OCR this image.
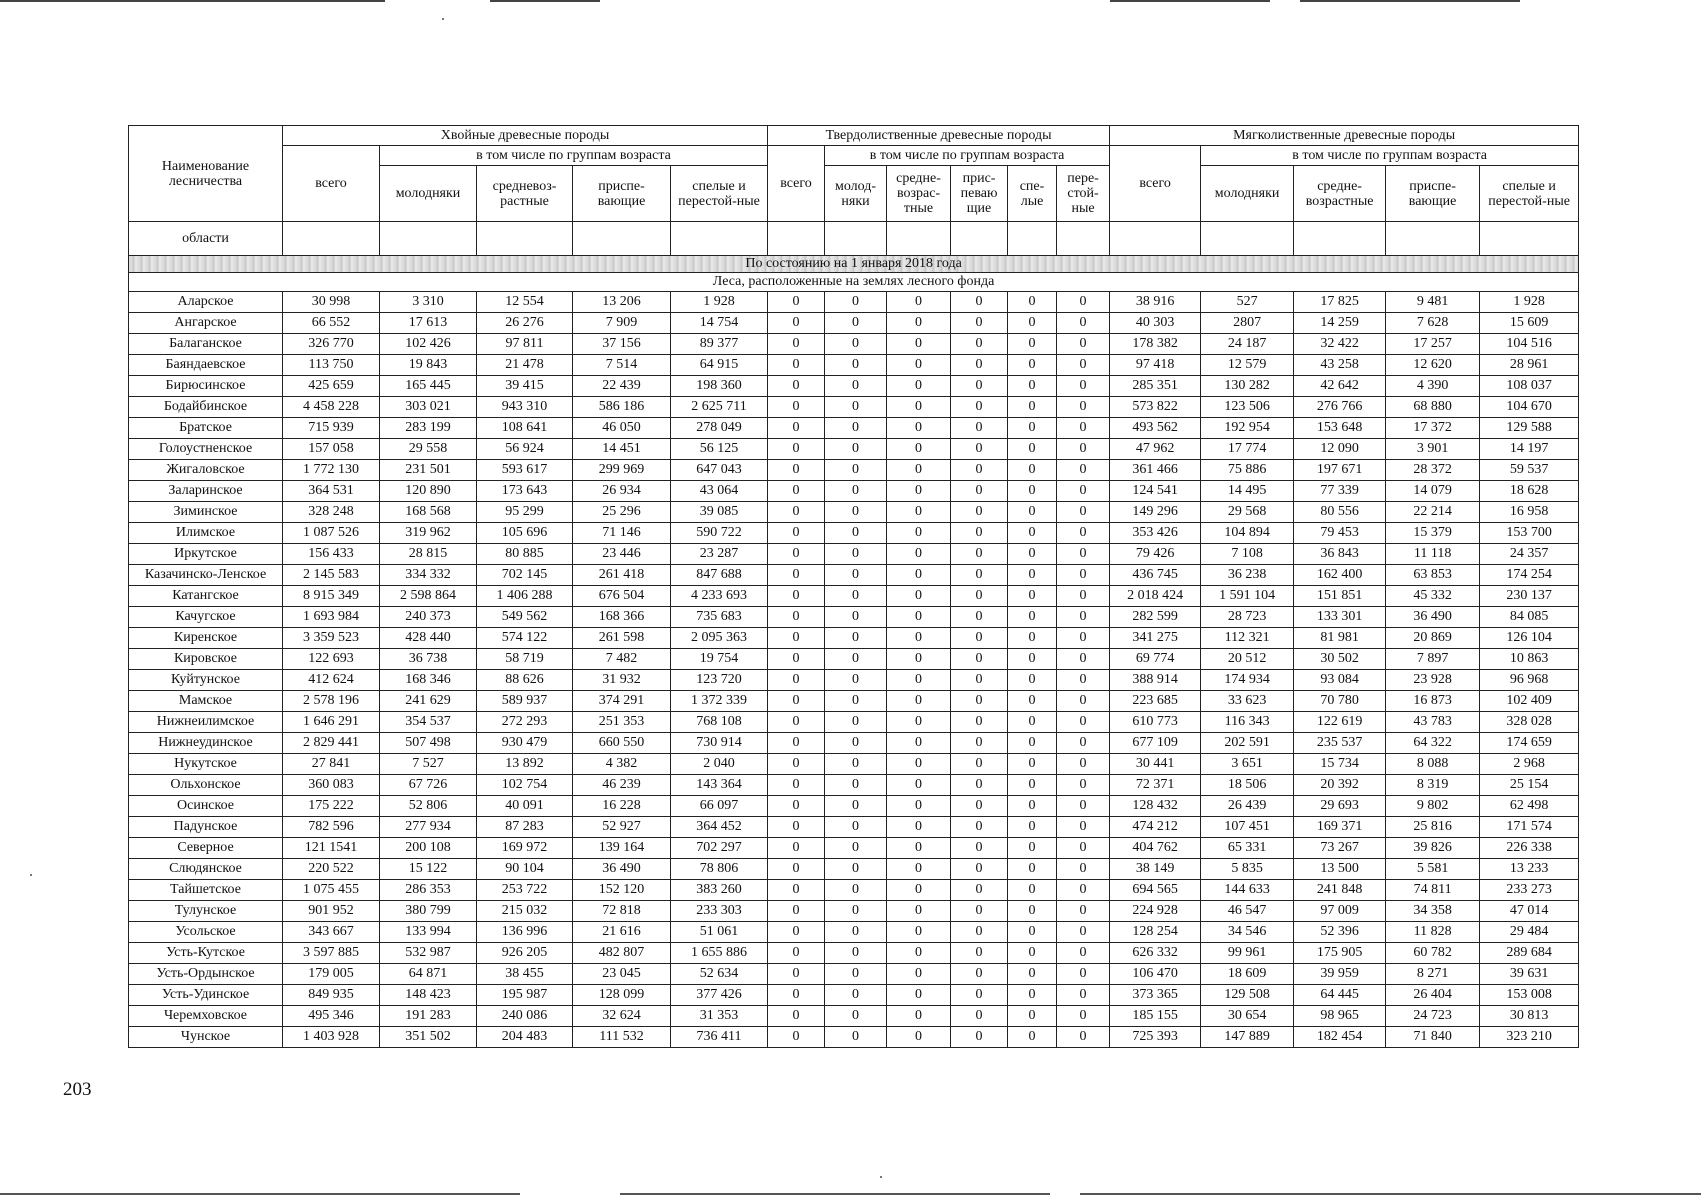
Наименование лесничества	Хвойные древесные породы					Твердолиственные древесные породы						Мягколиственные древесные породы				
	всего	в том числе по группам возраста				всего	в том числе по группам возраста					всего	в том числе по группам возраста			
		молодняки	средневоз-растные	приспе-вающие	спелые и перестой-ные		молод-няки	средне-возрас-тные	прис-певаю щие	спе-лые	пере-стой-ные		молодняки	средне-возрастные	приспе-вающие	спелые и перестой-ные
области																
По состоянию на 1 января 2018 года																
Леса, расположенные на землях лесного фонда																
Аларское	30 998	3 310	12 554	13 206	1 928	0	0	0	0	0	0	38 916	527	17 825	9 481	1 928
Ангарское	66 552	17 613	26 276	7 909	14 754	0	0	0	0	0	0	40 303	2807	14 259	7 628	15 609
Балаганское	326 770	102 426	97 811	37 156	89 377	0	0	0	0	0	0	178 382	24 187	32 422	17 257	104 516
Баяндаевское	113 750	19 843	21 478	7 514	64 915	0	0	0	0	0	0	97 418	12 579	43 258	12 620	28 961
Бирюсинское	425 659	165 445	39 415	22 439	198 360	0	0	0	0	0	0	285 351	130 282	42 642	4 390	108 037
Бодайбинское	4 458 228	303 021	943 310	586 186	2 625 711	0	0	0	0	0	0	573 822	123 506	276 766	68 880	104 670
Братское	715 939	283 199	108 641	46 050	278 049	0	0	0	0	0	0	493 562	192 954	153 648	17 372	129 588
Голоустненское	157 058	29 558	56 924	14 451	56 125	0	0	0	0	0	0	47 962	17 774	12 090	3 901	14 197
Жигаловское	1 772 130	231 501	593 617	299 969	647 043	0	0	0	0	0	0	361 466	75 886	197 671	28 372	59 537
Заларинское	364 531	120 890	173 643	26 934	43 064	0	0	0	0	0	0	124 541	14 495	77 339	14 079	18 628
Зиминское	328 248	168 568	95 299	25 296	39 085	0	0	0	0	0	0	149 296	29 568	80 556	22 214	16 958
Илимское	1 087 526	319 962	105 696	71 146	590 722	0	0	0	0	0	0	353 426	104 894	79 453	15 379	153 700
Иркутское	156 433	28 815	80 885	23 446	23 287	0	0	0	0	0	0	79 426	7 108	36 843	11 118	24 357
Казачинско-Ленское	2 145 583	334 332	702 145	261 418	847 688	0	0	0	0	0	0	436 745	36 238	162 400	63 853	174 254
Катангское	8 915 349	2 598 864	1 406 288	676 504	4 233 693	0	0	0	0	0	0	2 018 424	1 591 104	151 851	45 332	230 137
Качугское	1 693 984	240 373	549 562	168 366	735 683	0	0	0	0	0	0	282 599	28 723	133 301	36 490	84 085
Киренское	3 359 523	428 440	574 122	261 598	2 095 363	0	0	0	0	0	0	341 275	112 321	81 981	20 869	126 104
Кировское	122 693	36 738	58 719	7 482	19 754	0	0	0	0	0	0	69 774	20 512	30 502	7 897	10 863
Куйтунское	412 624	168 346	88 626	31 932	123 720	0	0	0	0	0	0	388 914	174 934	93 084	23 928	96 968
Мамское	2 578 196	241 629	589 937	374 291	1 372 339	0	0	0	0	0	0	223 685	33 623	70 780	16 873	102 409
Нижнеилимское	1 646 291	354 537	272 293	251 353	768 108	0	0	0	0	0	0	610 773	116 343	122 619	43 783	328 028
Нижнеудинское	2 829 441	507 498	930 479	660 550	730 914	0	0	0	0	0	0	677 109	202 591	235 537	64 322	174 659
Нукутское	27 841	7 527	13 892	4 382	2 040	0	0	0	0	0	0	30 441	3 651	15 734	8 088	2 968
Ольхонское	360 083	67 726	102 754	46 239	143 364	0	0	0	0	0	0	72 371	18 506	20 392	8 319	25 154
Осинское	175 222	52 806	40 091	16 228	66 097	0	0	0	0	0	0	128 432	26 439	29 693	9 802	62 498
Падунское	782 596	277 934	87 283	52 927	364 452	0	0	0	0	0	0	474 212	107 451	169 371	25 816	171 574
Северное	121 1541	200 108	169 972	139 164	702 297	0	0	0	0	0	0	404 762	65 331	73 267	39 826	226 338
Слюдянское	220 522	15 122	90 104	36 490	78 806	0	0	0	0	0	0	38 149	5 835	13 500	5 581	13 233
Тайшетское	1 075 455	286 353	253 722	152 120	383 260	0	0	0	0	0	0	694 565	144 633	241 848	74 811	233 273
Тулунское	901 952	380 799	215 032	72 818	233 303	0	0	0	0	0	0	224 928	46 547	97 009	34 358	47 014
Усольское	343 667	133 994	136 996	21 616	51 061	0	0	0	0	0	0	128 254	34 546	52 396	11 828	29 484
Усть-Кутское	3 597 885	532 987	926 205	482 807	1 655 886	0	0	0	0	0	0	626 332	99 961	175 905	60 782	289 684
Усть-Ордынское	179 005	64 871	38 455	23 045	52 634	0	0	0	0	0	0	106 470	18 609	39 959	8 271	39 631
Усть-Удинское	849 935	148 423	195 987	128 099	377 426	0	0	0	0	0	0	373 365	129 508	64 445	26 404	153 008
Черемховское	495 346	191 283	240 086	32 624	31 353	0	0	0	0	0	0	185 155	30 654	98 965	24 723	30 813
Чунское	1 403 928	351 502	204 483	111 532	736 411	0	0	0	0	0	0	725 393	147 889	182 454	71 840	323 210
203
